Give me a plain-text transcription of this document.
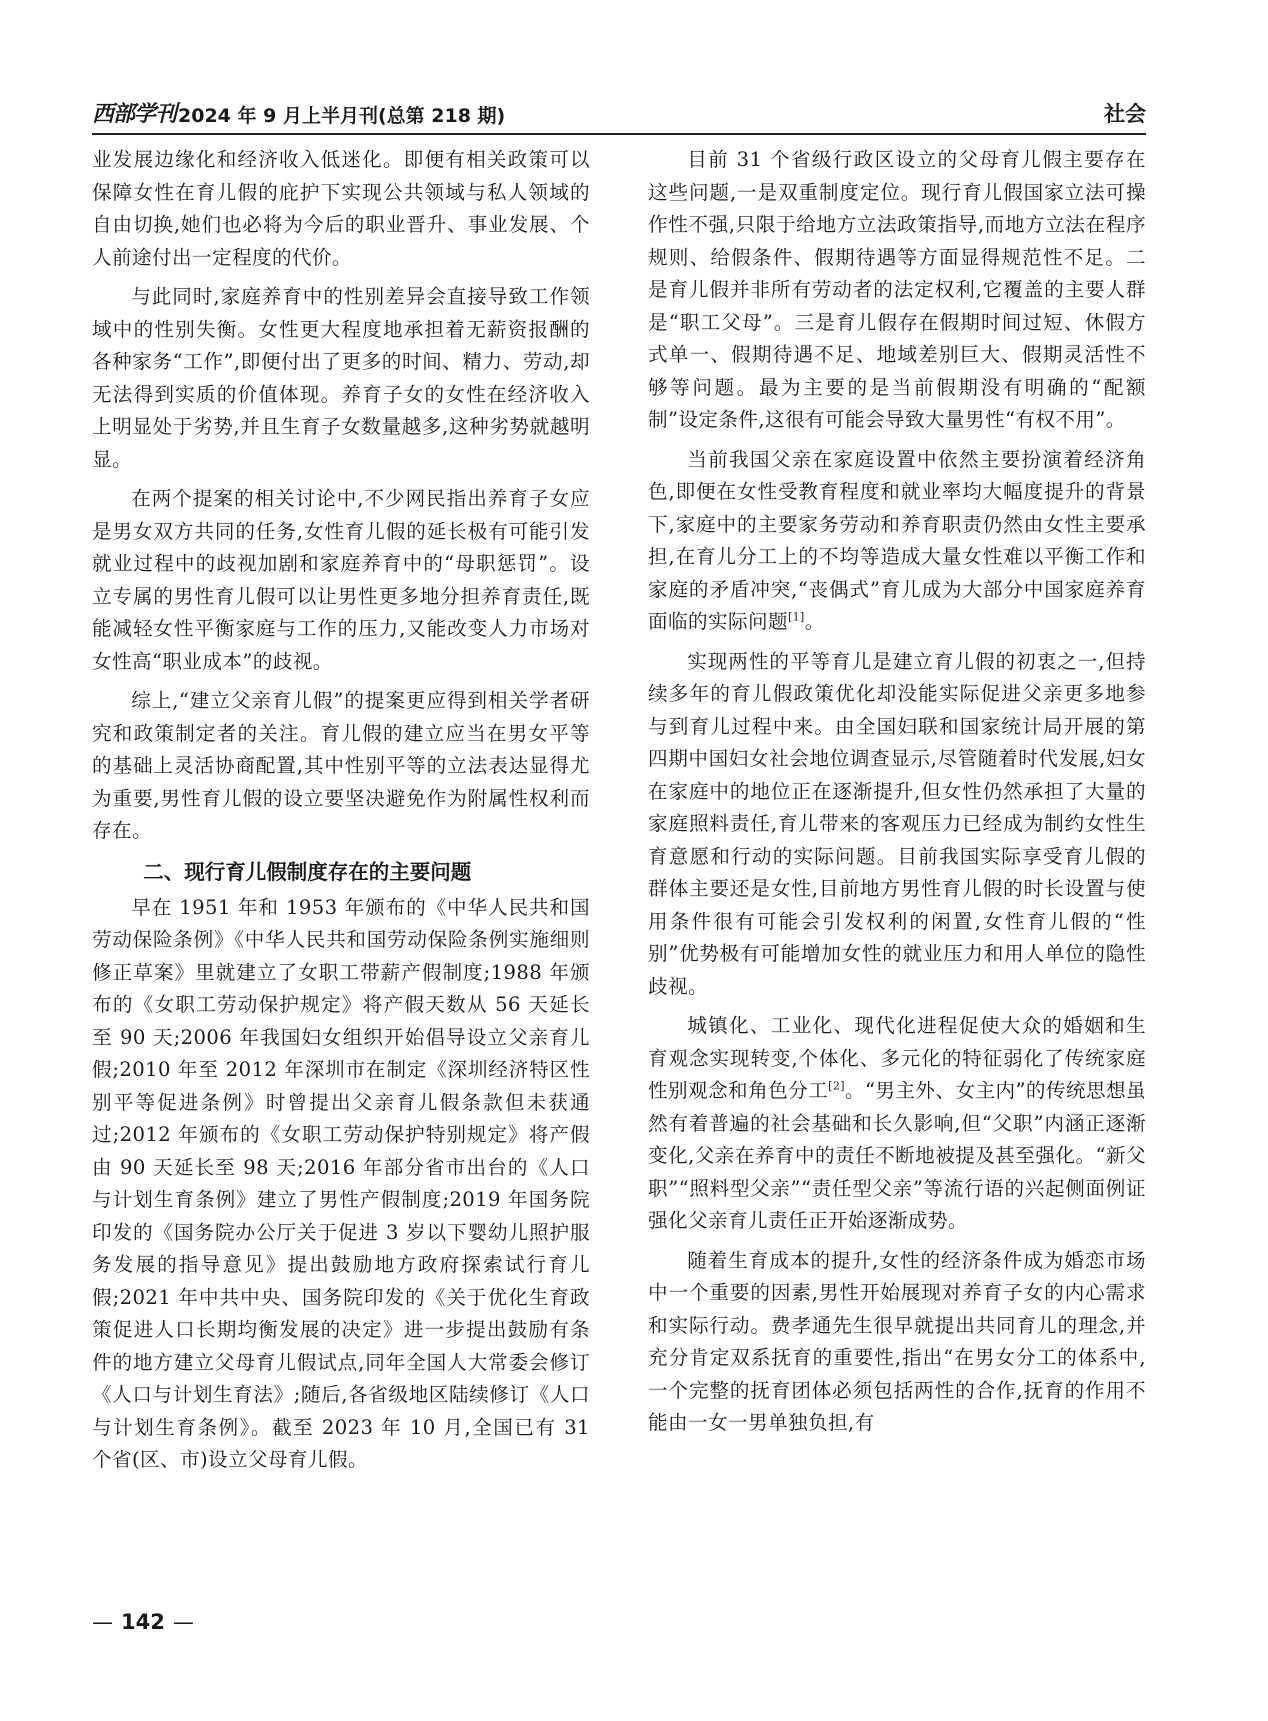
西部学刊 2024 年 9 月上半月刊(总第 218 期)	社会

业发展边缘化和经济收入低迷化。即便有相关政策可以保障女性在育儿假的庇护下实现公共领域与私人领域的自由切换,她们也必将为今后的职业晋升、事业发展、个人前途付出一定程度的代价。

与此同时,家庭养育中的性别差异会直接导致工作领域中的性别失衡。女性更大程度地承担着无薪资报酬的各种家务“工作”,即便付出了更多的时间、精力、劳动,却无法得到实质的价值体现。养育子女的女性在经济收入上明显处于劣势,并且生育子女数量越多,这种劣势就越明显。

在两个提案的相关讨论中,不少网民指出养育子女应是男女双方共同的任务,女性育儿假的延长极有可能引发就业过程中的歧视加剧和家庭养育中的“母职惩罚”。设立专属的男性育儿假可以让男性更多地分担养育责任,既能减轻女性平衡家庭与工作的压力,又能改变人力市场对女性高“职业成本”的歧视。

综上,“建立父亲育儿假”的提案更应得到相关学者研究和政策制定者的关注。育儿假的建立应当在男女平等的基础上灵活协商配置,其中性别平等的立法表达显得尤为重要,男性育儿假的设立要坚决避免作为附属性权利而存在。

二、现行育儿假制度存在的主要问题

早在 1951 年和 1953 年颁布的《中华人民共和国劳动保险条例》《中华人民共和国劳动保险条例实施细则修正草案》里就建立了女职工带薪产假制度;1988 年颁布的《女职工劳动保护规定》将产假天数从 56 天延长至 90 天;2006 年我国妇女组织开始倡导设立父亲育儿假;2010 年至 2012 年深圳市在制定《深圳经济特区性别平等促进条例》时曾提出父亲育儿假条款但未获通过;2012 年颁布的《女职工劳动保护特别规定》将产假由 90 天延长至 98 天;2016 年部分省市出台的《人口与计划生育条例》建立了男性产假制度;2019 年国务院印发的《国务院办公厅关于促进 3 岁以下婴幼儿照护服务发展的指导意见》提出鼓励地方政府探索试行育儿假;2021 年中共中央、国务院印发的《关于优化生育政策促进人口长期均衡发展的决定》进一步提出鼓励有条件的地方建立父母育儿假试点,同年全国人大常委会修订《人口与计划生育法》;随后,各省级地区陆续修订《人口与计划生育条例》。截至 2023 年 10 月,全国已有 31 个省(区、市)设立父母育儿假。

目前 31 个省级行政区设立的父母育儿假主要存在这些问题,一是双重制度定位。现行育儿假国家立法可操作性不强,只限于给地方立法政策指导,而地方立法在程序规则、给假条件、假期待遇等方面显得规范性不足。二是育儿假并非所有劳动者的法定权利,它覆盖的主要人群是“职工父母”。三是育儿假存在假期时间过短、休假方式单一、假期待遇不足、地域差别巨大、假期灵活性不够等问题。最为主要的是当前假期没有明确的“配额制”设定条件,这很有可能会导致大量男性“有权不用”。

当前我国父亲在家庭设置中依然主要扮演着经济角色,即便在女性受教育程度和就业率均大幅度提升的背景下,家庭中的主要家务劳动和养育职责仍然由女性主要承担,在育儿分工上的不均等造成大量女性难以平衡工作和家庭的矛盾冲突,“丧偶式”育儿成为大部分中国家庭养育面临的实际问题[1]。

实现两性的平等育儿是建立育儿假的初衷之一,但持续多年的育儿假政策优化却没能实际促进父亲更多地参与到育儿过程中来。由全国妇联和国家统计局开展的第四期中国妇女社会地位调查显示,尽管随着时代发展,妇女在家庭中的地位正在逐渐提升,但女性仍然承担了大量的家庭照料责任,育儿带来的客观压力已经成为制约女性生育意愿和行动的实际问题。目前我国实际享受育儿假的群体主要还是女性,目前地方男性育儿假的时长设置与使用条件很有可能会引发权利的闲置,女性育儿假的“性别”优势极有可能增加女性的就业压力和用人单位的隐性歧视。

城镇化、工业化、现代化进程促使大众的婚姻和生育观念实现转变,个体化、多元化的特征弱化了传统家庭性别观念和角色分工[2]。“男主外、女主内”的传统思想虽然有着普遍的社会基础和长久影响,但“父职”内涵正逐渐变化,父亲在养育中的责任不断地被提及甚至强化。“新父职”“照料型父亲”“责任型父亲”等流行语的兴起侧面例证强化父亲育儿责任正开始逐渐成势。

随着生育成本的提升,女性的经济条件成为婚恋市场中一个重要的因素,男性开始展现对养育子女的内心需求和实际行动。费孝通先生很早就提出共同育儿的理念,并充分肯定双系抚育的重要性,指出“在男女分工的体系中,一个完整的抚育团体必须包括两性的合作,抚育的作用不能由一女一男单独负担,有

— 142 —
